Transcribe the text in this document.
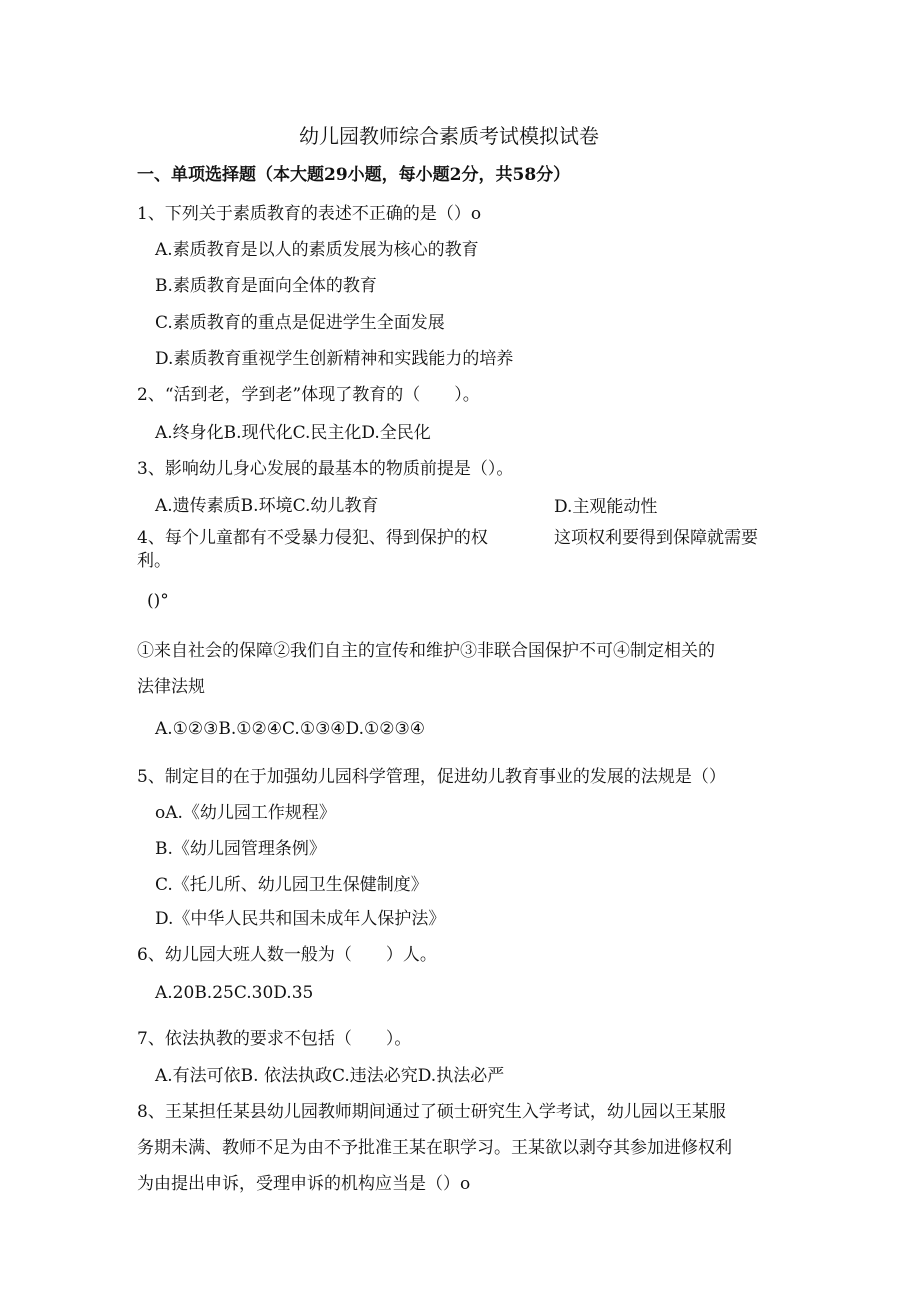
幼儿园教师综合素质考试模拟试卷
一、单项选择题（本大题29小题，每小题2分，共58分）
1、下列关于素质教育的表述不正确的是（）o
A.素质教育是以人的素质发展为核心的教育
B.素质教育是面向全体的教育
C.素质教育的重点是促进学生全面发展
D.素质教育重视学生创新精神和实践能力的培养
2、“活到老，学到老”体现了教育的（　　）。
A.终身化B.现代化C.民主化D.全民化
3、影响幼儿身心发展的最基本的物质前提是（）。
A.遗传素质B.环境C.幼儿教育	D.主观能动性
4、每个儿童都有不受暴力侵犯、得到保护的权	这项权利要得到保障就需要
利。
()°
①来自社会的保障②我们自主的宣传和维护③非联合国保护不可④制定相关的
法律法规
A.①②③B.①②④C.①③④D.①②③④
5、制定目的在于加强幼儿园科学管理，促进幼儿教育事业的发展的法规是（）
oA.《幼儿园工作规程》
B.《幼儿园管理条例》
C.《托儿所、幼儿园卫生保健制度》
D.《中华人民共和国未成年人保护法》
6、幼儿园大班人数一般为（　　）人。
A.20B.25C.30D.35
7、依法执教的要求不包括（　　）。
A.有法可依B. 依法执政C.违法必究D.执法必严
8、王某担任某县幼儿园教师期间通过了硕士研究生入学考试，幼儿园以王某服
务期未满、教师不足为由不予批准王某在职学习。王某欲以剥夺其参加进修权利
为由提出申诉，受理申诉的机构应当是（）o
